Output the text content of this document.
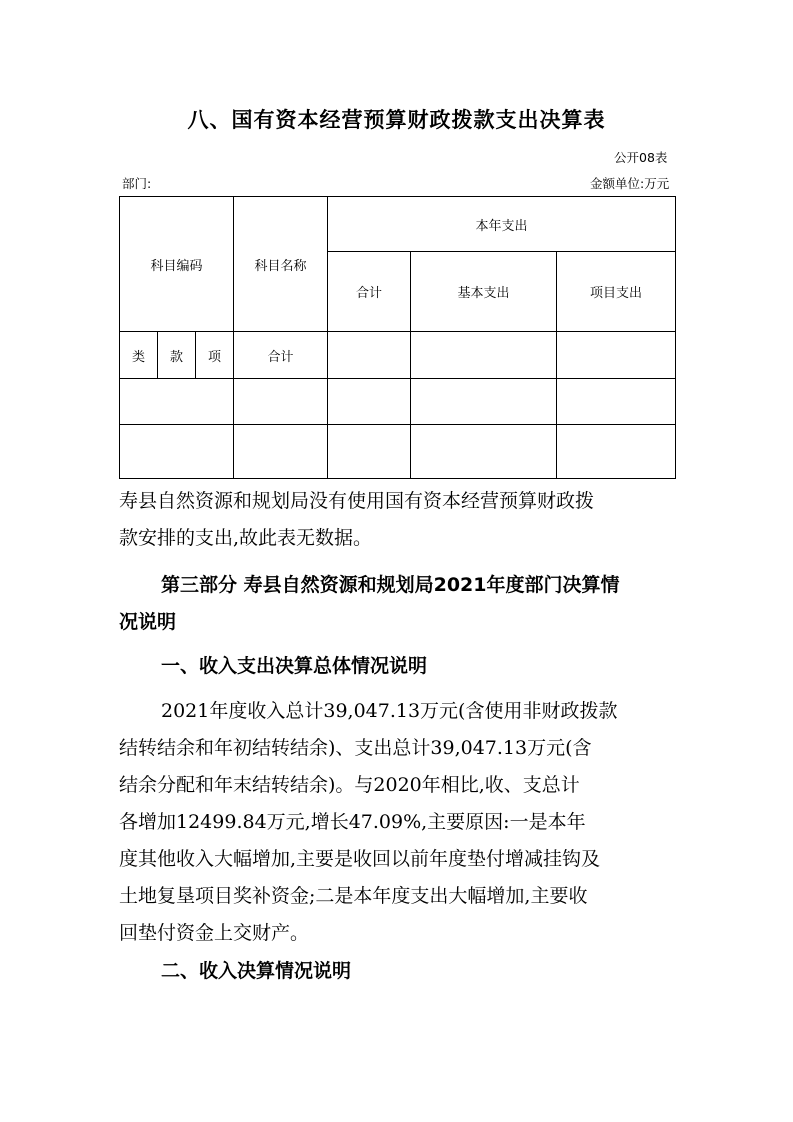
八、国有资本经营预算财政拨款支出决算表
公开08表
部门:	金额单位:万元
科目编码			科目名称	本年支出		
				合计	基本支出	项目支出
类	款	项	合计			

寿县自然资源和规划局没有使用国有资本经营预算财政拨
款安排的支出,故此表无数据。
第三部分 寿县自然资源和规划局2021年度部门决算情
况说明
一、收入支出决算总体情况说明
2021年度收入总计39,047.13万元(含使用非财政拨款
结转结余和年初结转结余)、支出总计39,047.13万元(含
结余分配和年末结转结余)。与2020年相比,收、支总计
各增加12499.84万元,增长47.09%,主要原因:一是本年
度其他收入大幅增加,主要是收回以前年度垫付增减挂钩及
土地复垦项目奖补资金;二是本年度支出大幅增加,主要收
回垫付资金上交财产。
二、收入决算情况说明
